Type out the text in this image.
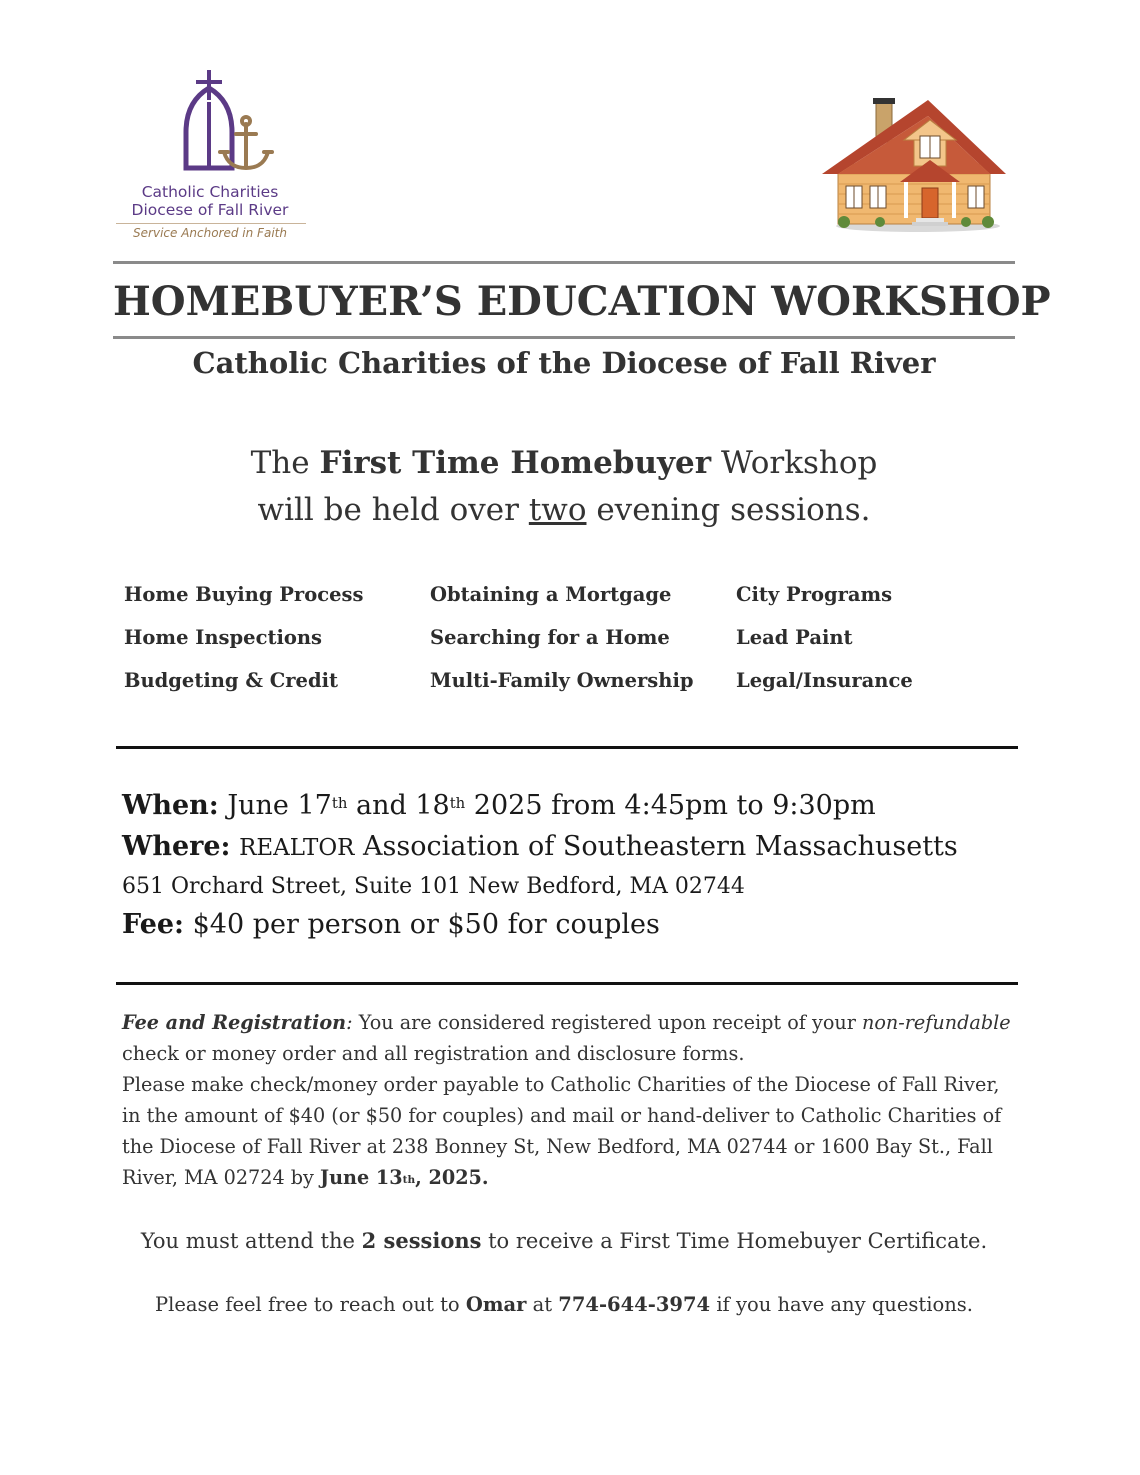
Catholic Charities
Diocese of Fall River
Service Anchored in Faith
HOMEBUYER’S EDUCATION WORKSHOP
Catholic Charities of the Diocese of Fall River
The First Time Homebuyer Workshop
will be held over two evening sessions.
Home Buying Process	Obtaining a Mortgage	City Programs
Home Inspections	Searching for a Home	Lead Paint
Budgeting & Credit	Multi-Family Ownership	Legal/Insurance
When: June 17th and 18th 2025 from 4:45pm to 9:30pm
Where: REALTOR Association of Southeastern Massachusetts
651 Orchard Street, Suite 101 New Bedford, MA 02744
Fee: $40 per person or $50 for couples
Fee and Registration: You are considered registered upon receipt of your non-refundable
check or money order and all registration and disclosure forms.
Please make check/money order payable to Catholic Charities of the Diocese of Fall River, in the amount of $40 (or $50 for couples) and mail or hand-deliver to Catholic Charities of the Diocese of Fall River at 238 Bonney St, New Bedford, MA 02744 or 1600 Bay St., Fall River, MA 02724 by June 13th, 2025.
You must attend the 2 sessions to receive a First Time Homebuyer Certificate.
Please feel free to reach out to Omar at 774-644-3974 if you have any questions.
